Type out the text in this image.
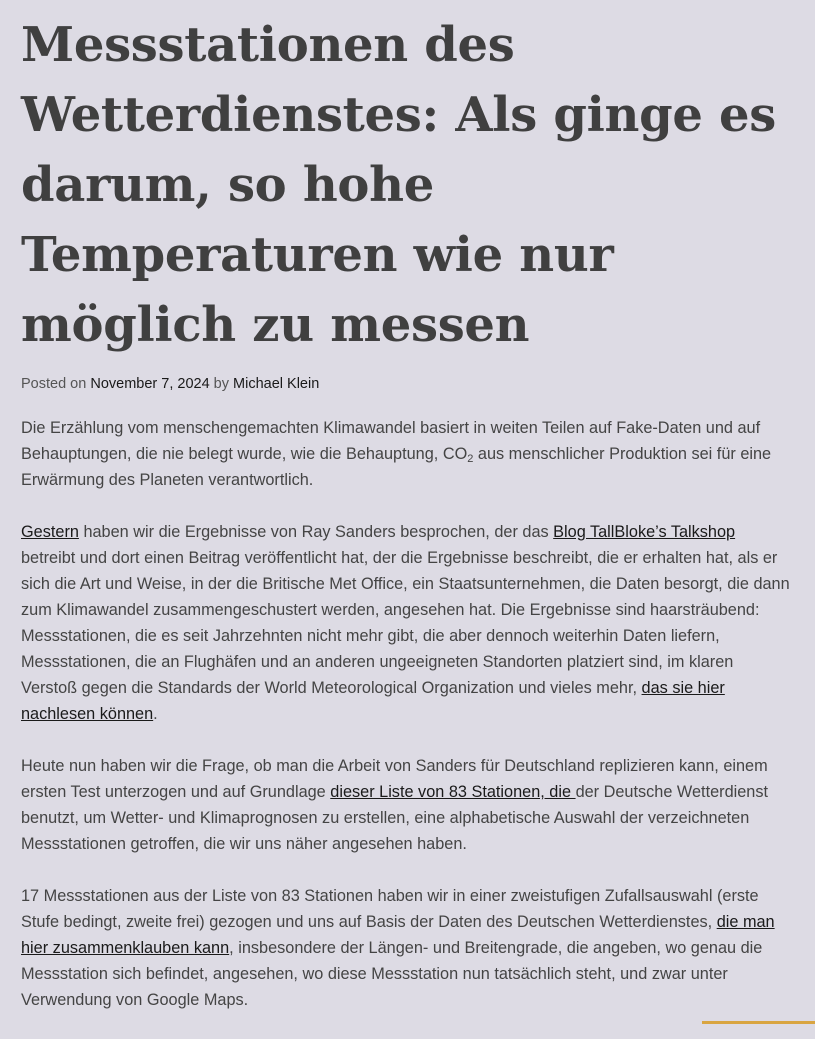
Messstationen des Wetterdienstes: Als ginge es darum, so hohe Temperaturen wie nur möglich zu messen
Posted on November 7, 2024 by Michael Klein

Die Erzählung vom menschengemachten Klimawandel basiert in weiten Teilen auf Fake-Daten und auf Behauptungen, die nie belegt wurde, wie die Behauptung, $CO_2$ aus menschlicher Produktion sei für eine Erwärmung des Planeten verantwortlich.

Gestern haben wir die Ergebnisse von Ray Sanders besprochen, der das Blog TallBloke’s Talkshop betreibt und dort einen Beitrag veröffentlicht hat, der die Ergebnisse beschreibt, die er erhalten hat, als er sich die Art und Weise, in der die Britische Met Office, ein Staatsunternehmen, die Daten besorgt, die dann zum Klimawandel zusammengeschustert werden, angesehen hat. Die Ergebnisse sind haarsträubend: Messstationen, die es seit Jahrzehnten nicht mehr gibt, die aber dennoch weiterhin Daten liefern, Messstationen, die an Flughäfen und an anderen ungeeigneten Standorten platziert sind, im klaren Verstoß gegen die Standards der World Meteorological Organization und vieles mehr, das sie hier nachlesen können.

Heute nun haben wir die Frage, ob man die Arbeit von Sanders für Deutschland replizieren kann, einem ersten Test unterzogen und auf Grundlage dieser Liste von 83 Stationen, die der Deutsche Wetterdienst benutzt, um Wetter- und Klimaprognosen zu erstellen, eine alphabetische Auswahl der verzeichneten Messstationen getroffen, die wir uns näher angesehen haben.

17 Messstationen aus der Liste von 83 Stationen haben wir in einer zweistufigen Zufallsauswahl (erste Stufe bedingt, zweite frei) gezogen und uns auf Basis der Daten des Deutschen Wetterdienstes, die man hier zusammenklauben kann, insbesondere der Längen- und Breitengrade, die angeben, wo genau die Messstation sich befindet, angesehen, wo diese Messstation nun tatsächlich steht, und zwar unter Verwendung von Google Maps.
